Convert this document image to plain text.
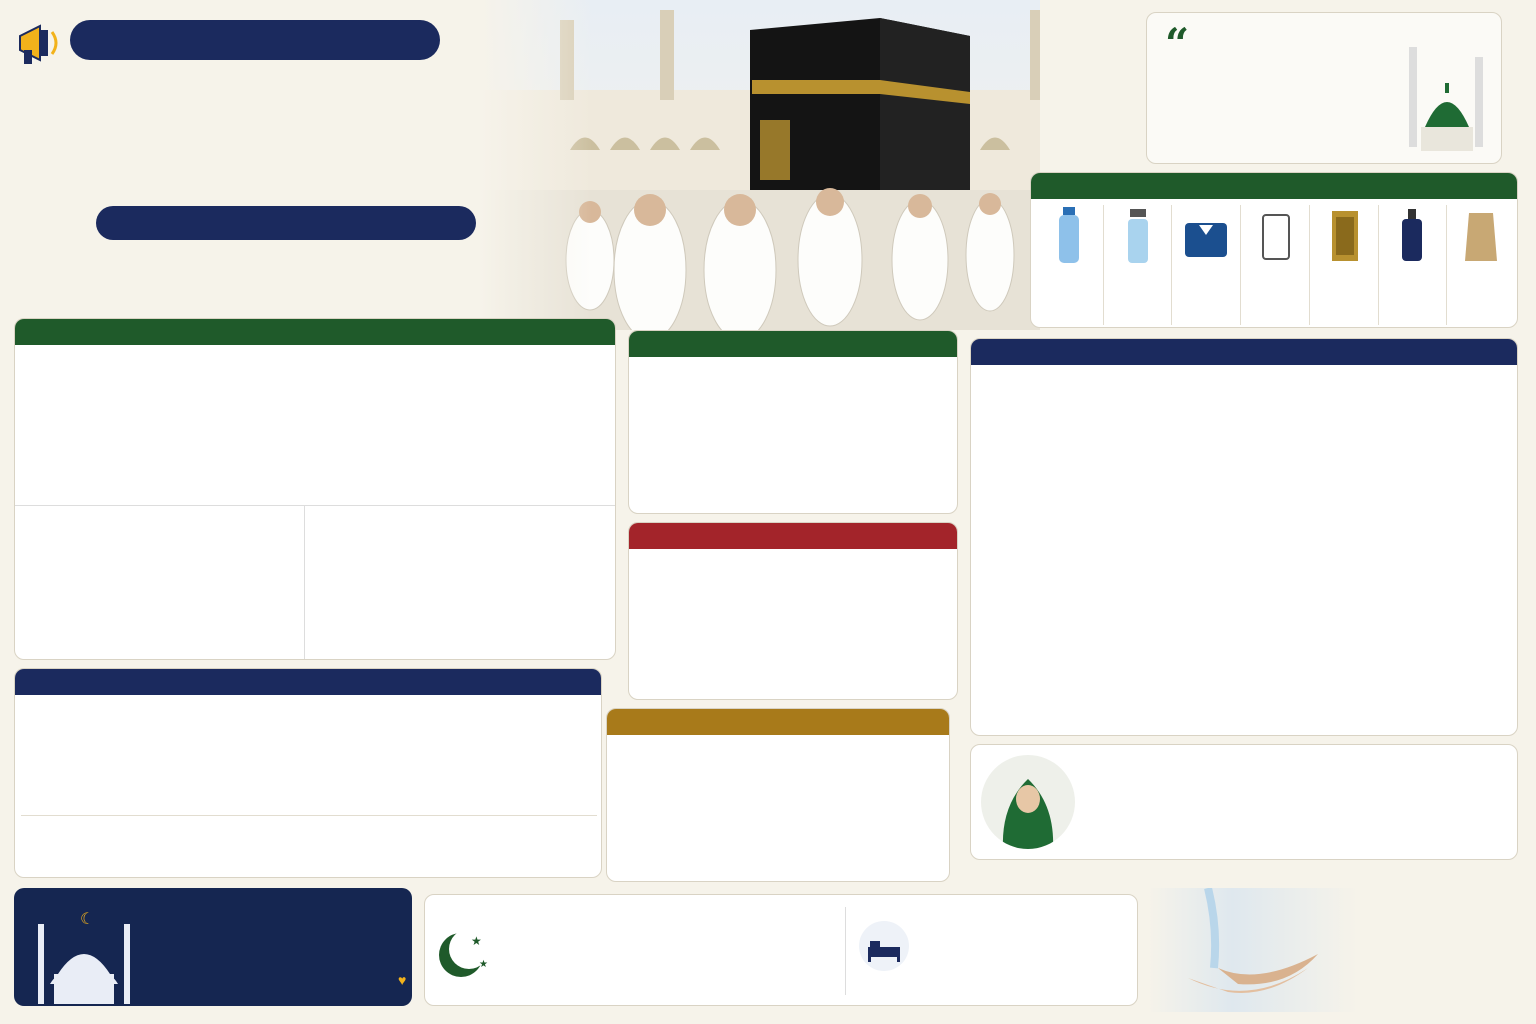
“
☾
♥
★
★
